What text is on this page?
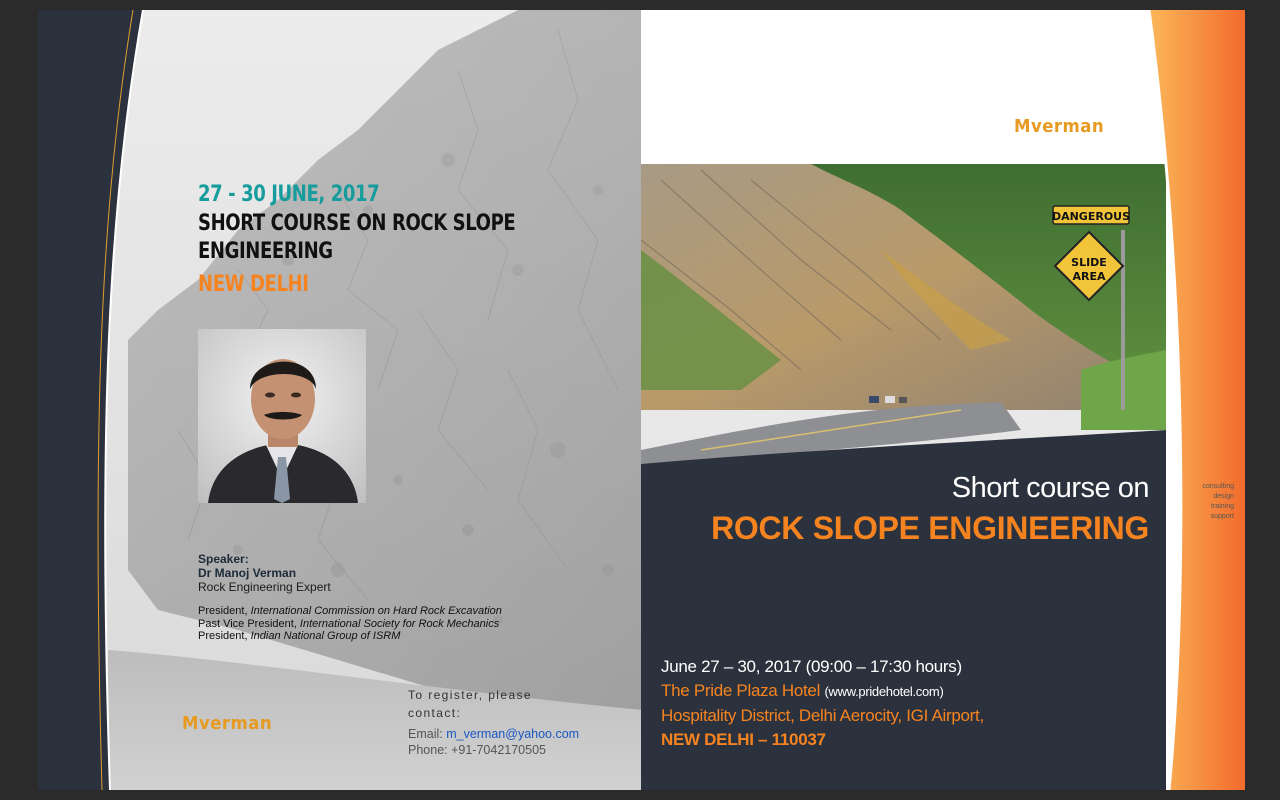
27 - 30 JUNE, 2017
SHORT COURSE ON ROCK SLOPE
ENGINEERING
NEW DELHI
Speaker:
Dr Manoj Verman
Rock Engineering Expert
President, International Commission on Hard Rock Excavation
Past Vice President, International Society for Rock Mechanics
President, Indian National Group of ISRM
To register, please
contact:
Email: m_verman@yahoo.com
Phone: +91-7042170505
Mverman
DANGEROUS
SLIDE
AREA
Mverman
Short course on
ROCK SLOPE ENGINEERING
consulting
design
training
support
June 27 – 30, 2017 (09:00 – 17:30 hours)
The Pride Plaza Hotel (www.pridehotel.com)
Hospitality District, Delhi Aerocity, IGI Airport,
NEW DELHI – 110037
